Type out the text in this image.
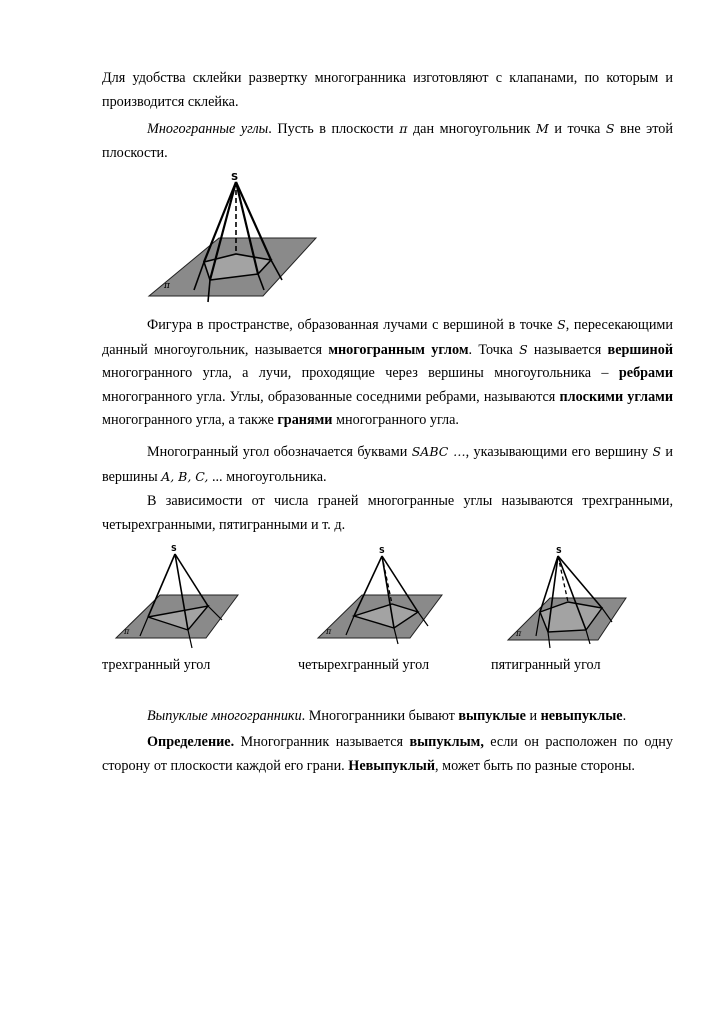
Для удобства склейки развертку многогранника изготовляют с клапанами, по которым и

производится склейка.

Многогранные углы. Пусть в плоскости π дан многоугольник M и точка S вне этой плоскости.

S
π

Фигура в пространстве, образованная лучами с вершиной в точке S, пересекающими данный многоугольник, называется многогранным углом. Точка S называется вершиной многогранного угла, а лучи, проходящие через вершины многоугольника – ребрами многогранного угла. Углы, образованные соседними ребрами, называются плоскими углами многогранного угла, а также гранями многогранного угла.

Многогранный угол обозначается буквами SABC …, указывающими его вершину S и вершины A, B, C, ... многоугольника.

В зависимости от числа граней многогранные углы называются трехгранными, четырехгранными, пятигранными и т. д.

S
π
S
π
S
π
трехгранный угол	четырехгранный угол	пятигранный угол

Выпуклые многогранники. Многогранники бывают выпуклые и невыпуклые.

Определение. Многогранник называется выпуклым, если он расположен по одну сторону от плоскости каждой его грани. Невыпуклый, может быть по разные стороны.
